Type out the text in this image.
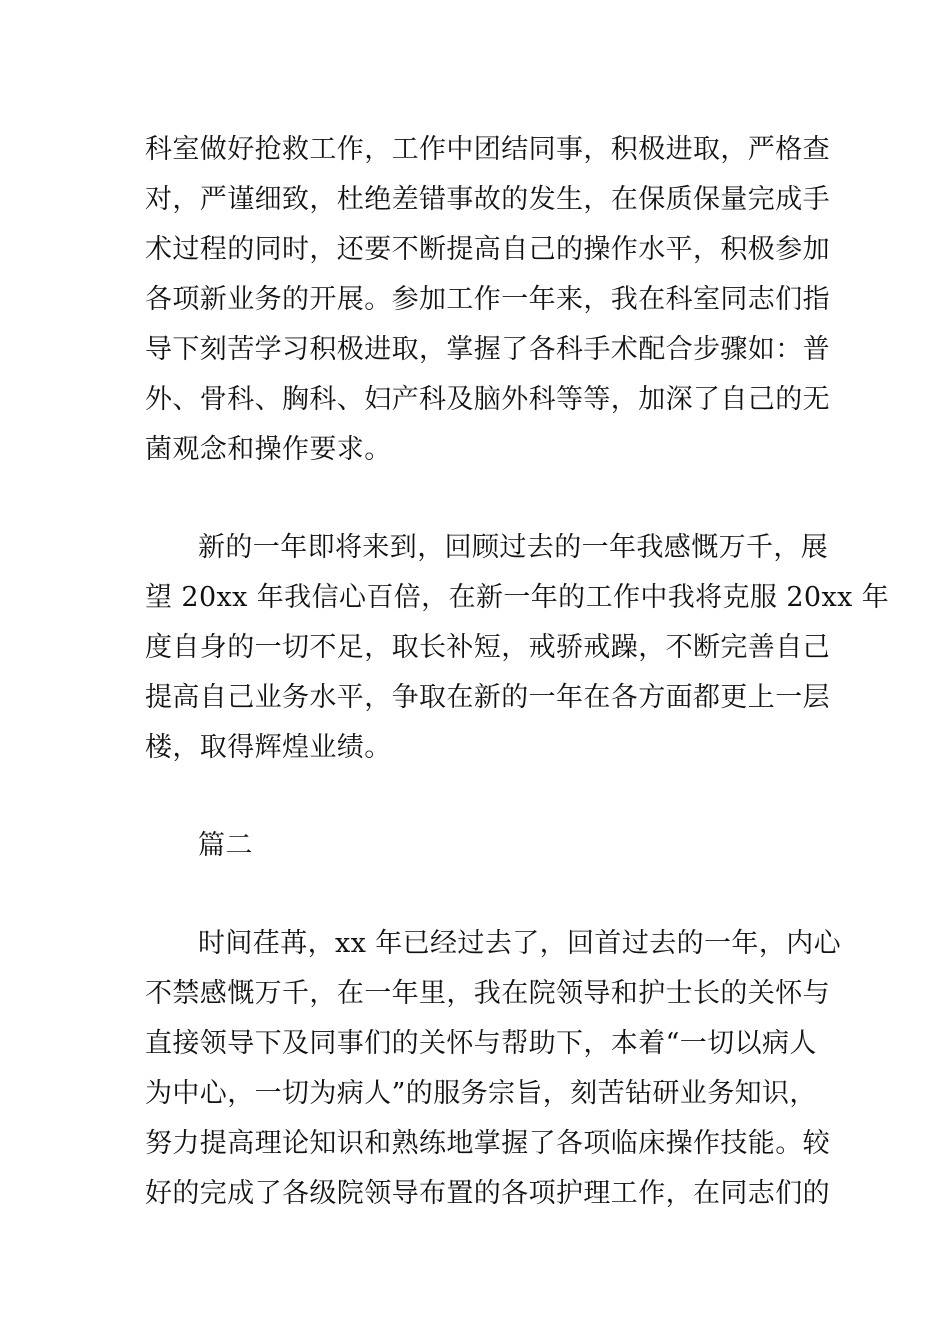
科室做好抢救工作，工作中团结同事，积极进取，严格查
对，严谨细致，杜绝差错事故的发生，在保质保量完成手
术过程的同时，还要不断提高自己的操作水平，积极参加
各项新业务的开展。参加工作一年来，我在科室同志们指
导下刻苦学习积极进取，掌握了各科手术配合步骤如：普
外、骨科、胸科、妇产科及脑外科等等，加深了自己的无
菌观念和操作要求。
新的一年即将来到，回顾过去的一年我感慨万千，展
望 20xx 年我信心百倍，在新一年的工作中我将克服 20xx 年
度自身的一切不足，取长补短，戒骄戒躁，不断完善自己
提高自己业务水平，争取在新的一年在各方面都更上一层
楼，取得辉煌业绩。
篇二
时间荏苒，xx 年已经过去了，回首过去的一年，内心
不禁感慨万千，在一年里，我在院领导和护士长的关怀与
直接领导下及同事们的关怀与帮助下，本着“一切以病人
为中心，一切为病人”的服务宗旨，刻苦钻研业务知识，
努力提高理论知识和熟练地掌握了各项临床操作技能。较
好的完成了各级院领导布置的各项护理工作，在同志们的
